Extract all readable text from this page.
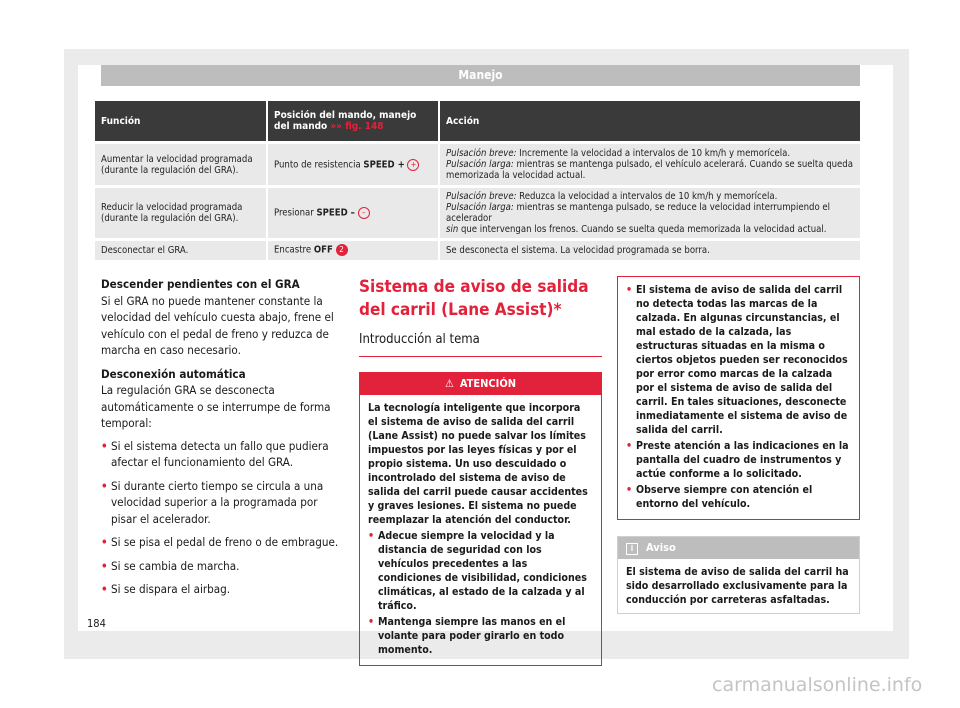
Manejo
Función	Posición del mando, manejo del mando »» fig. 148	Acción
Aumentar la velocidad programada (durante la regulación del GRA).	Punto de resistencia SPEED + +	Pulsación breve: Incremente la velocidad a intervalos de 10 km/h y memorícela.
Pulsación larga: mientras se mantenga pulsado, el vehículo acelerará. Cuando se suelta queda memorizada la velocidad actual.
Reducir la velocidad programada (durante la regulación del GRA).	Presionar SPEED – –	Pulsación breve: Reduzca la velocidad a intervalos de 10 km/h y memorícela.
Pulsación larga: mientras se mantenga pulsado, se reduce la velocidad interrumpiendo el acelerador
sin que intervengan los frenos. Cuando se suelta queda memorizada la velocidad actual.
Desconectar el GRA.	Encastre OFF 2	Se desconecta el sistema. La velocidad programada se borra.
Descender pendientes con el GRA

Si el GRA no puede mantener constante la velocidad del vehículo cuesta abajo, frene el vehículo con el pedal de freno y reduzca de marcha en caso necesario.

Desconexión automática

La regulación GRA se desconecta automáticamente o se interrumpe de forma temporal:

• Si el sistema detecta un fallo que pudiera afectar el funcionamiento del GRA.

• Si durante cierto tiempo se circula a una velocidad superior a la programada por pisar el acelerador.

• Si se pisa el pedal de freno o de embrague.

• Si se cambia de marcha.

• Si se dispara el airbag.

Sistema de aviso de salida del carril (Lane Assist)*
Introducción al tema
⚠ ATENCIÓN

La tecnología inteligente que incorpora el sistema de aviso de salida del carril (Lane Assist) no puede salvar los límites impuestos por las leyes físicas y por el propio sistema. Un uso descuidado o incontrolado del sistema de aviso de salida del carril puede causar accidentes y graves lesiones. El sistema no puede reemplazar la atención del conductor.

• Adecue siempre la velocidad y la distancia de seguridad con los vehículos precedentes a las condiciones de visibilidad, condiciones climáticas, al estado de la calzada y al tráfico.

• Mantenga siempre las manos en el volante para poder girarlo en todo momento.

• El sistema de aviso de salida del carril no detecta todas las marcas de la calzada. En algunas circunstancias, el mal estado de la calzada, las estructuras situadas en la misma o ciertos objetos pueden ser reconocidos por error como marcas de la calzada por el sistema de aviso de salida del carril. En tales situaciones, desconecte inmediatamente el sistema de aviso de salida del carril.

• Preste atención a las indicaciones en la pantalla del cuadro de instrumentos y actúe conforme a lo solicitado.

• Observe siempre con atención el entorno del vehículo.

i Aviso
El sistema de aviso de salida del carril ha sido desarrollado exclusivamente para la conducción por carreteras asfaltadas.
184
carmanualsonline.info
